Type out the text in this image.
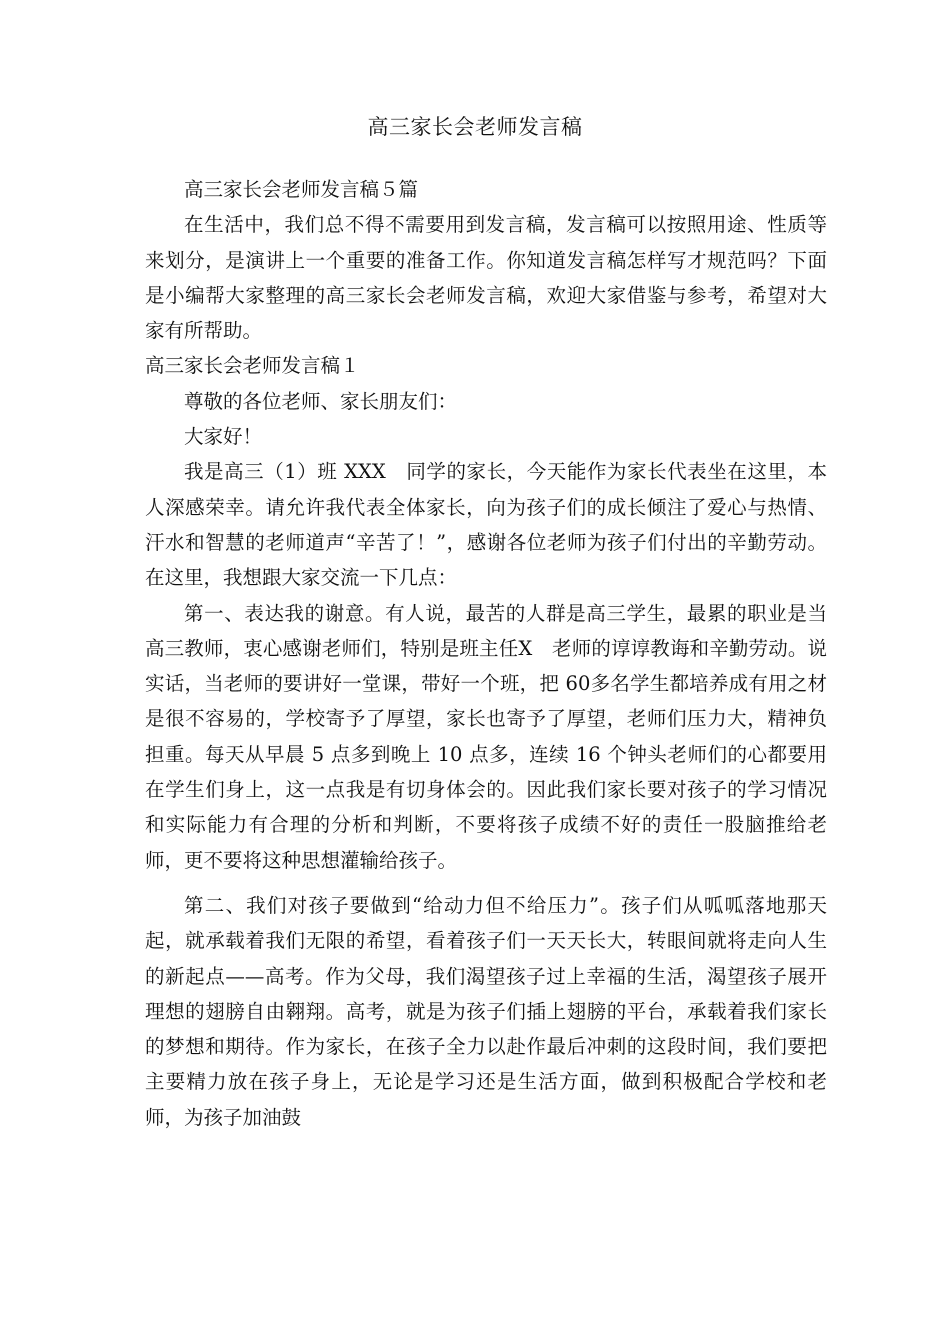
高三家长会老师发言稿

高三家长会老师发言稿５篇

在生活中，我们总不得不需要用到发言稿，发言稿可以按照用途、性质等来划分，是演讲上一个重要的准备工作。你知道发言稿怎样写才规范吗？下面是小编帮大家整理的高三家长会老师发言稿，欢迎大家借鉴与参考，希望对大家有所帮助。

高三家长会老师发言稿１

尊敬的各位老师、家长朋友们：

大家好！

我是高三（1）班 XXX　同学的家长，今天能作为家长代表坐在这里，本人深感荣幸。请允许我代表全体家长，向为孩子们的成长倾注了爱心与热情、汗水和智慧的老师道声“辛苦了！”，感谢各位老师为孩子们付出的辛勤劳动。在这里，我想跟大家交流一下几点：

第一、表达我的谢意。有人说，最苦的人群是高三学生，最累的职业是当高三教师，衷心感谢老师们，特别是班主任X　老师的谆谆教诲和辛勤劳动。说实话，当老师的要讲好一堂课，带好一个班，把 60多名学生都培养成有用之材是很不容易的，学校寄予了厚望，家长也寄予了厚望，老师们压力大，精神负担重。每天从早晨 5 点多到晚上 10 点多，连续 16 个钟头老师们的心都要用在学生们身上，这一点我是有切身体会的。因此我们家长要对孩子的学习情况和实际能力有合理的分析和判断，不要将孩子成绩不好的责任一股脑推给老师，更不要将这种思想灌输给孩子。

第二、我们对孩子要做到“给动力但不给压力”。孩子们从呱呱落地那天起，就承载着我们无限的希望，看着孩子们一天天长大，转眼间就将走向人生的新起点——高考。作为父母，我们渴望孩子过上幸福的生活，渴望孩子展开理想的翅膀自由翱翔。高考，就是为孩子们插上翅膀的平台，承载着我们家长的梦想和期待。作为家长，在孩子全力以赴作最后冲刺的这段时间，我们要把主要精力放在孩子身上，无论是学习还是生活方面，做到积极配合学校和老师，为孩子加油鼓
